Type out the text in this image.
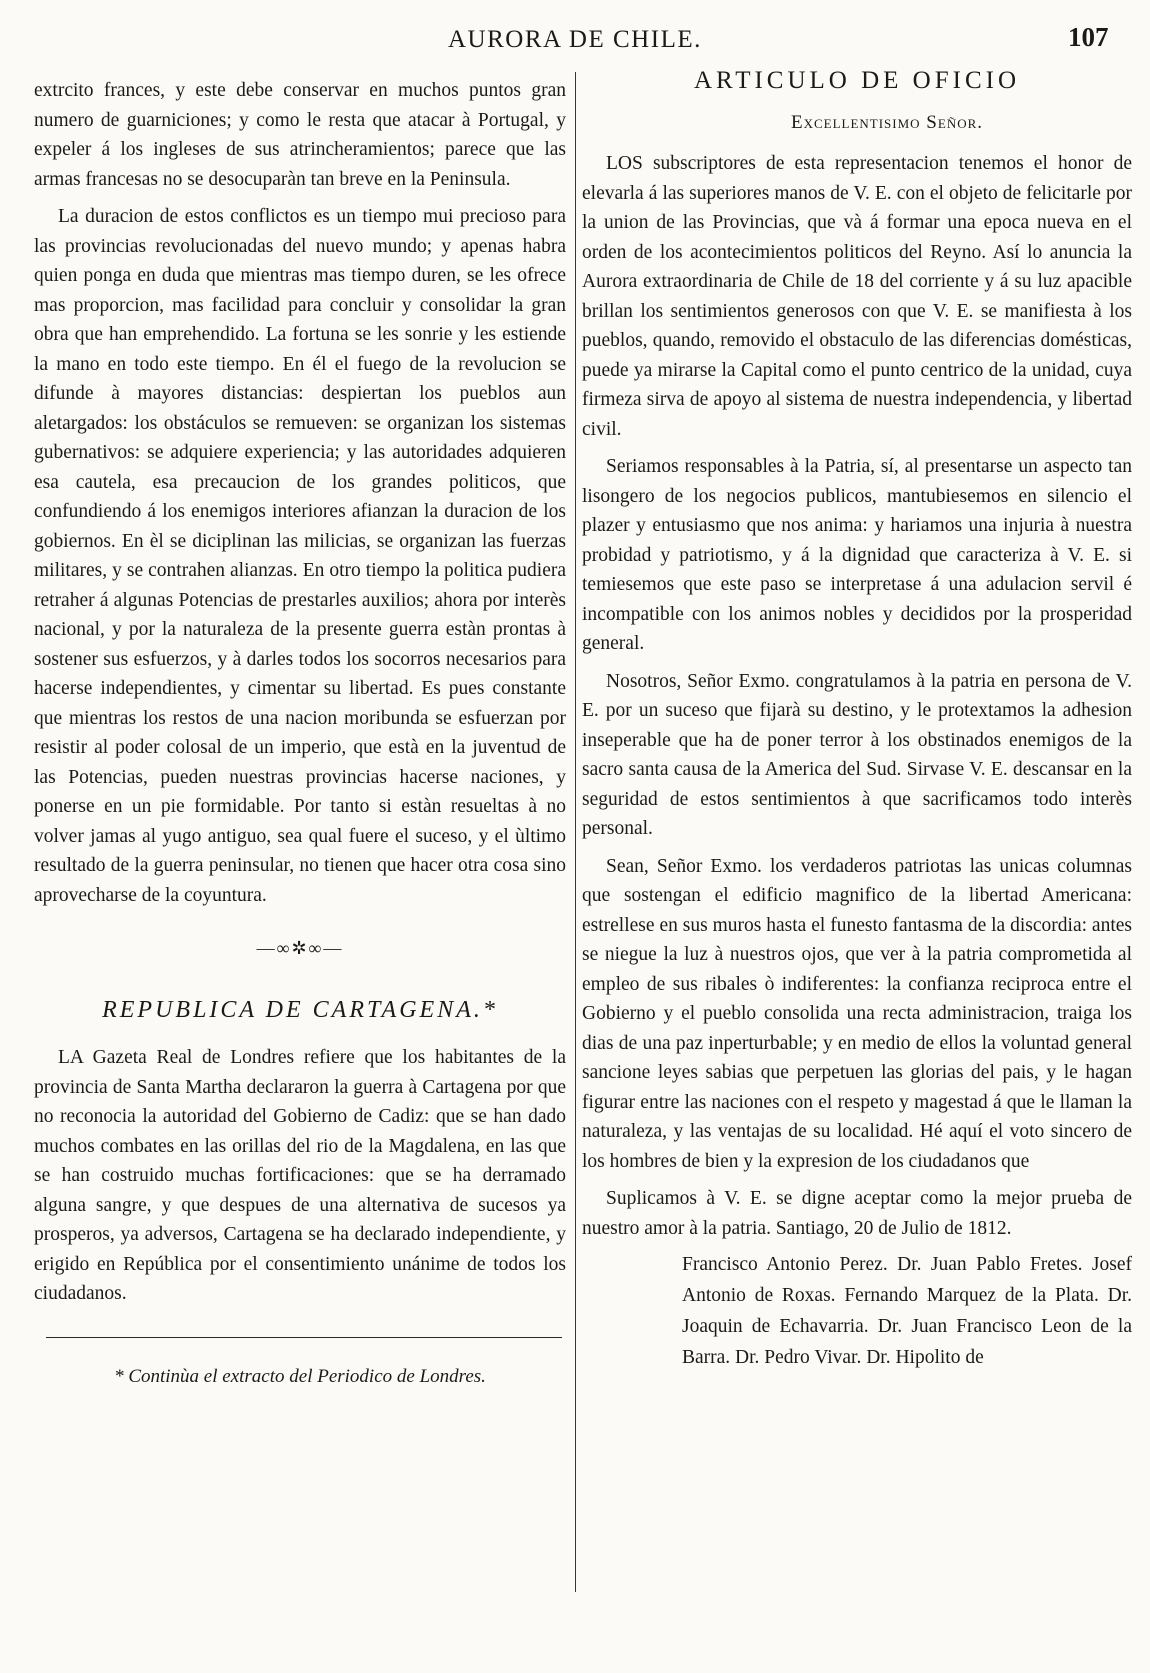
AURORA DE CHILE.	107

extrcito frances, y este debe conservar en muchos puntos gran numero de guarniciones; y como le resta que atacar à Portugal, y expeler á los ingleses de sus atrincheramientos; parece que las armas francesas no se desocuparàn tan breve en la Peninsula.

La duracion de estos conflictos es un tiempo mui precioso para las provincias revolucionadas del nuevo mundo; y apenas habra quien ponga en duda que mientras mas tiempo duren, se les ofrece mas proporcion, mas facilidad para concluir y consolidar la gran obra que han emprehendido. La fortuna se les sonrie y les estiende la mano en todo este tiempo. En él el fuego de la revolucion se difunde à mayores distancias: despiertan los pueblos aun aletargados: los obstáculos se remueven: se organizan los sistemas gubernativos: se adquiere experiencia; y las autoridades adquieren esa cautela, esa precaucion de los grandes politicos, que confundiendo á los enemigos interiores afianzan la duracion de los gobiernos. En èl se diciplinan las milicias, se organizan las fuerzas militares, y se contrahen alianzas. En otro tiempo la politica pudiera retraher á algunas Potencias de prestarles auxilios; ahora por interès nacional, y por la naturaleza de la presente guerra estàn prontas à sostener sus esfuerzos, y à darles todos los socorros necesarios para hacerse independientes, y cimentar su libertad. Es pues constante que mientras los restos de una nacion moribunda se esfuerzan por resistir al poder colosal de un imperio, que està en la juventud de las Potencias, pueden nuestras provincias hacerse naciones, y ponerse en un pie formidable. Por tanto si estàn resueltas à no volver jamas al yugo antiguo, sea qual fuere el suceso, y el ùltimo resultado de la guerra peninsular, no tienen que hacer otra cosa sino aprovecharse de la coyuntura.

—∞✲∞—
REPUBLICA DE CARTAGENA.*

LA Gazeta Real de Londres refiere que los habitantes de la provincia de Santa Martha declararon la guerra à Cartagena por que no reconocia la autoridad del Gobierno de Cadiz: que se han dado muchos combates en las orillas del rio de la Magdalena, en las que se han costruido muchas fortificaciones: que se ha derramado alguna sangre, y que despues de una alternativa de sucesos ya prosperos, ya adversos, Cartagena se ha declarado independiente, y erigido en República por el consentimiento unánime de todos los ciudadanos.

* Continùa el extracto del Periodico de Londres.
ARTICULO DE OFICIO
Excellentisimo Señor.

LOS subscriptores de esta representacion tenemos el honor de elevarla á las superiores manos de V. E. con el objeto de felicitarle por la union de las Provincias, que và á formar una epoca nueva en el orden de los acontecimientos politicos del Reyno. Así lo anuncia la Aurora extraordinaria de Chile de 18 del corriente y á su luz apacible brillan los sentimientos generosos con que V. E. se manifiesta à los pueblos, quando, removido el obstaculo de las diferencias domésticas, puede ya mirarse la Capital como el punto centrico de la unidad, cuya firmeza sirva de apoyo al sistema de nuestra independencia, y libertad civil.

Seriamos responsables à la Patria, sí, al presentarse un aspecto tan lisongero de los negocios publicos, mantubiesemos en silencio el plazer y entusiasmo que nos anima: y hariamos una injuria à nuestra probidad y patriotismo, y á la dignidad que caracteriza à V. E. si temiesemos que este paso se interpretase á una adulacion servil é incompatible con los animos nobles y decididos por la prosperidad general.

Nosotros, Señor Exmo. congratulamos à la patria en persona de V. E. por un suceso que fijarà su destino, y le protextamos la adhesion inseperable que ha de poner terror à los obstinados enemigos de la sacro santa causa de la America del Sud. Sirvase V. E. descansar en la seguridad de estos sentimientos à que sacrificamos todo interès personal.

Sean, Señor Exmo. los verdaderos patriotas las unicas columnas que sostengan el edificio magnifico de la libertad Americana: estrellese en sus muros hasta el funesto fantasma de la discordia: antes se niegue la luz à nuestros ojos, que ver à la patria comprometida al empleo de sus ribales ò indiferentes: la confianza reciproca entre el Gobierno y el pueblo consolida una recta administracion, traiga los dias de una paz inperturbable; y en medio de ellos la voluntad general sancione leyes sabias que perpetuen las glorias del pais, y le hagan figurar entre las naciones con el respeto y magestad á que le llaman la naturaleza, y las ventajas de su localidad. Hé aquí el voto sincero de los hombres de bien y la expresion de los ciudadanos que

Suplicamos à V. E. se digne aceptar como la mejor prueba de nuestro amor à la patria. Santiago, 20 de Julio de 1812.

Francisco Antonio Perez. Dr. Juan Pablo Fretes. Josef Antonio de Roxas. Fernando Marquez de la Plata. Dr. Joaquin de Echavarria. Dr. Juan Francisco Leon de la Barra. Dr. Pedro Vivar. Dr. Hipolito de
